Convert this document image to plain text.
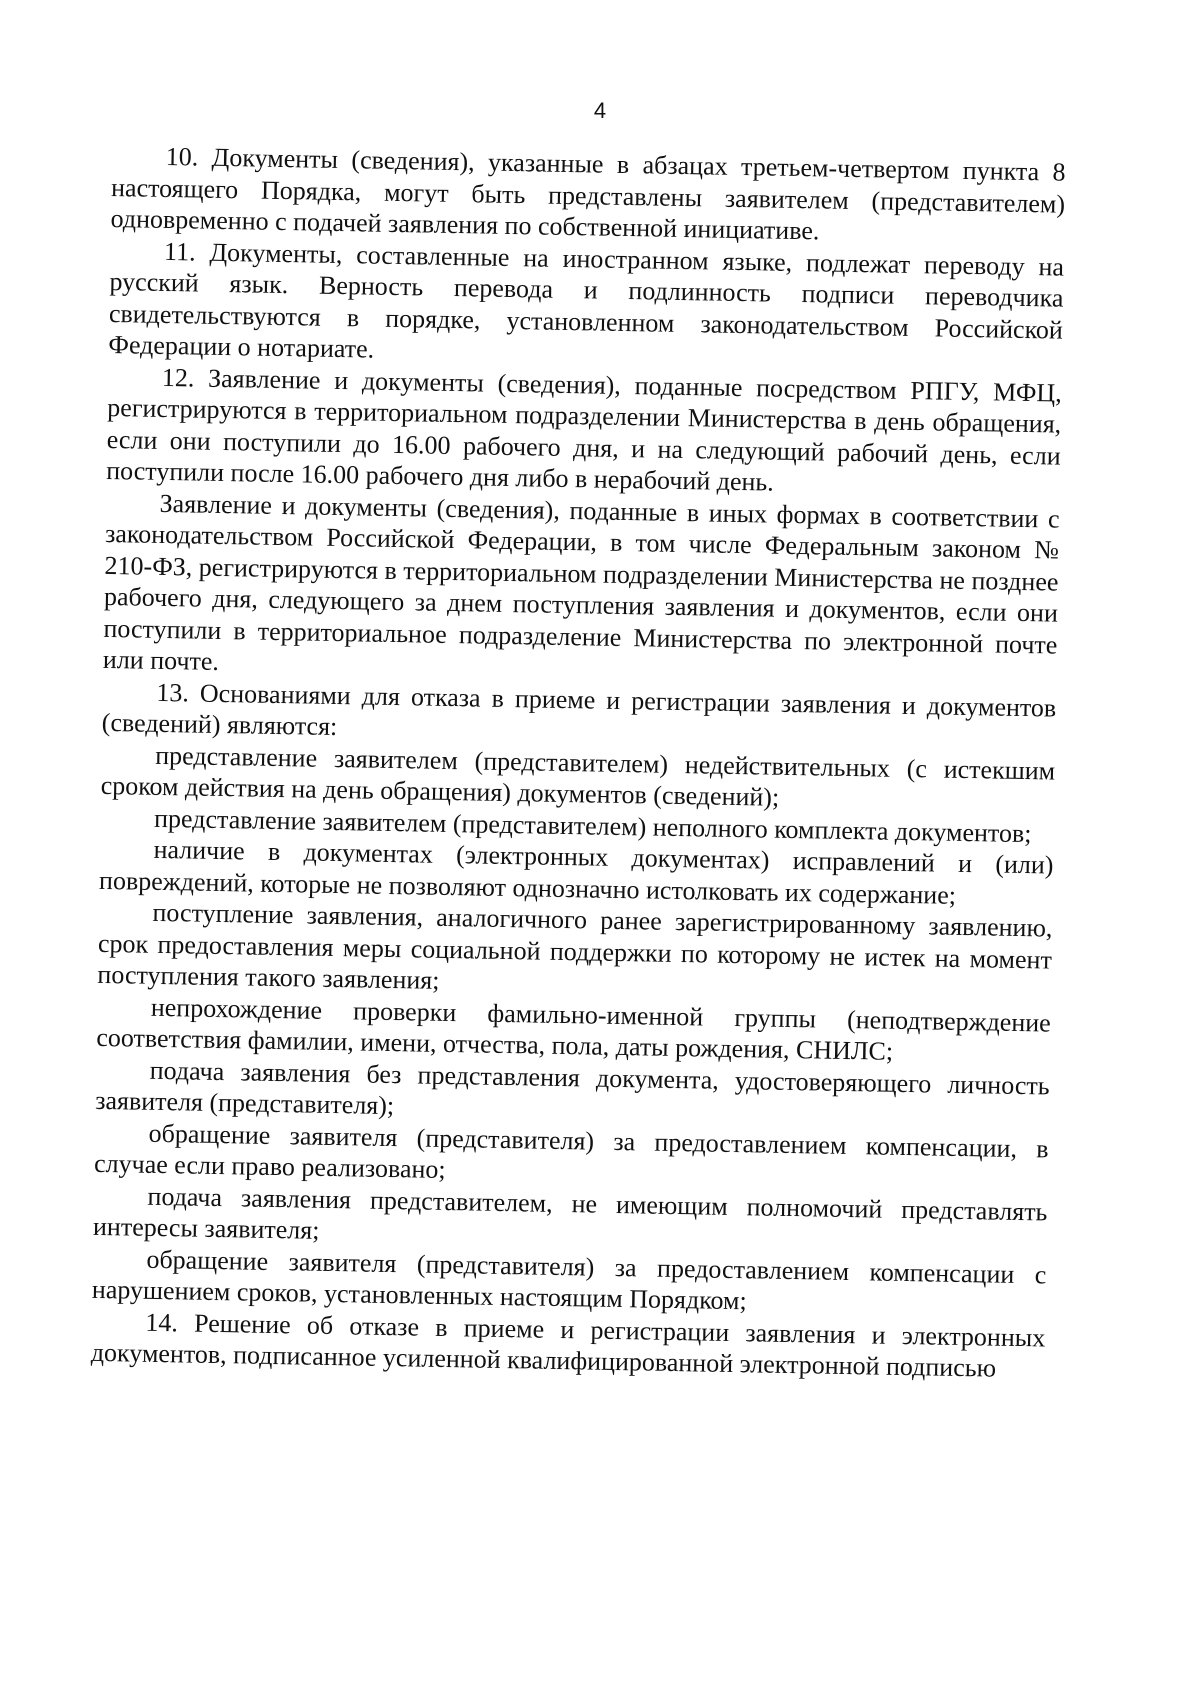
4

10. Документы (сведения), указанные в абзацах третьем-четвертом пункта 8 настоящего Порядка, могут быть представлены заявителем (представителем) одновременно с подачей заявления по собственной инициативе.

11. Документы, составленные на иностранном языке, подлежат переводу на русский язык. Верность перевода и подлинность подписи переводчика свидетельствуются в порядке, установленном законодательством Российской Федерации о нотариате.

12. Заявление и документы (сведения), поданные посредством РПГУ, МФЦ, регистрируются в территориальном подразделении Министерства в день обращения, если они поступили до 16.00 рабочего дня, и на следующий рабочий день, если поступили после 16.00 рабочего дня либо в нерабочий день.

Заявление и документы (сведения), поданные в иных формах в соответствии с законодательством Российской Федерации, в том числе Федеральным законом № 210-ФЗ, регистрируются в территориальном подразделении Министерства не позднее рабочего дня, следующего за днем поступления заявления и документов, если они поступили в территориальное подразделение Министерства по электронной почте или почте.

13. Основаниями для отказа в приеме и регистрации заявления и документов (сведений) являются:

представление заявителем (представителем) недействительных (с истекшим сроком действия на день обращения) документов (сведений);

представление заявителем (представителем) неполного комплекта документов;

наличие в документах (электронных документах) исправлений и (или) повреждений, которые не позволяют однозначно истолковать их содержание;

поступление заявления, аналогичного ранее зарегистрированному заявлению, срок предоставления меры социальной поддержки по которому не истек на момент поступления такого заявления;

непрохождение проверки фамильно-именной группы (неподтверждение соответствия фамилии, имени, отчества, пола, даты рождения, СНИЛС;

подача заявления без представления документа, удостоверяющего личность заявителя (представителя);

обращение заявителя (представителя) за предоставлением компенсации, в случае если право реализовано;

подача заявления представителем, не имеющим полномочий представлять интересы заявителя;

обращение заявителя (представителя) за предоставлением компенсации с нарушением сроков, установленных настоящим Порядком;

14. Решение об отказе в приеме и регистрации заявления и электронных документов, подписанное усиленной квалифицированной электронной подписью
